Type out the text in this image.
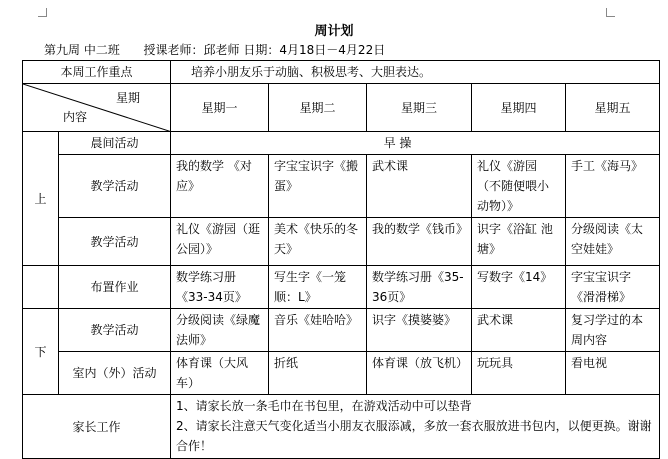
周计划
第九周 中二班 授课老师：邱老师 日期：4月18日－4月22日
本周工作重点		培养小朋友乐于动脑、积极思考、大胆表达。				

星期
内容		星期一	星期二	星期三	星期四	星期五
上	晨间活动	早 操				
	教学活动	我的数学 《对应》	字宝宝识字《搬蛋》	武术课	礼仪《游园（不随便喂小动物）》	手工《海马》
	教学活动	礼仪《游园（逛公园）》	美术《快乐的冬天》	我的数学《钱币》	识字《浴缸 池塘》	分级阅读《太空娃娃》
	布置作业	数学练习册《33-34页》	写生字《一笼顺：L》	数学练习册《35-36页》	写数字《14》	字宝宝识字《滑滑梯》
下	教学活动	分级阅读《绿魔法师》	音乐《娃哈哈》	识字《摸婆婆》	武术课	复习学过的本周内容
	室内（外）活动	体育课（大风车）	折纸	体育课（放飞机）	玩玩具	看电视
家长工作		1、请家长放一条毛巾在书包里，在游戏活动中可以垫背
2、请家长注意天气变化适当小朋友衣服添减，多放一套衣服放进书包内，以便更换。谢谢合作！				
